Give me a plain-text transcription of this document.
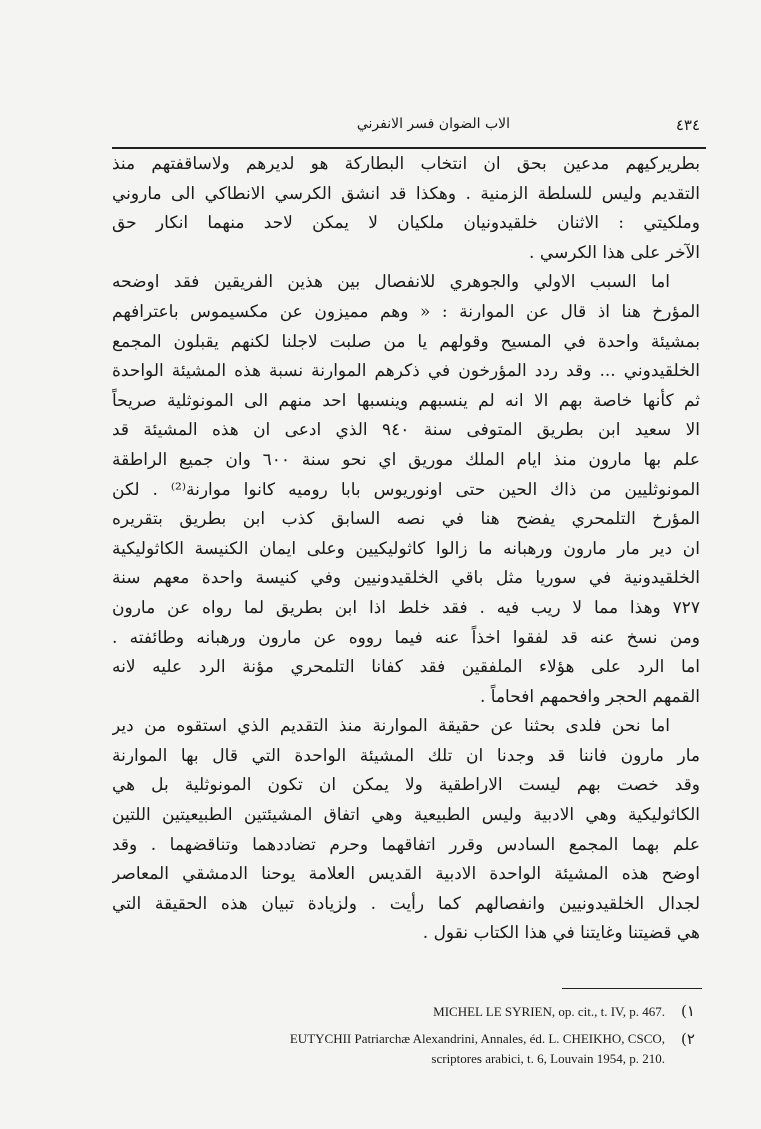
٤٣٤
الاب الضوان فسر الانفرني
بطريركيهم مدعين بحق ان انتخاب البطاركة هو لديرهم ولاساقفتهم منذ
التقديم وليس للسلطة الزمنية . وهكذا قد انشق الكرسي الانطاكي الى ماروني
وملكيتي : الاثنان خلقيدونيان ملكيان لا يمكن لاحد منهما انكار حق
الآخر على هذا الكرسي .
اما السبب الاولي والجوهري للانفصال بين هذين الفريقين فقد اوضحه
المؤرخ هنا اذ قال عن الموارنة : « وهم مميزون عن مكسيموس باعترافهم
بمشيئة واحدة في المسيح وقولهم يا من صلبت لاجلنا لكنهم يقبلون المجمع
الخلقيدوني ... وقد ردد المؤرخون في ذكرهم الموارنة نسبة هذه المشيئة الواحدة
ثم كأنها خاصة بهم الا انه لم ينسبهم وينسبها احد منهم الى المونوثلية صريحاً
الا سعيد ابن بطريق المتوفى سنة ٩٤٠ الذي ادعى ان هذه المشيئة قد
علم بها مارون منذ ايام الملك موريق اي نحو سنة ٦٠٠ وان جميع الراطقة
المونوثليين من ذاك الحين حتى اونوريوس بابا روميه كانوا موارنة⁽²⁾ . لكن
المؤرخ التلمحري يفضح هنا في نصه السابق كذب ابن بطريق بتقريره
ان دير مار مارون ورهبانه ما زالوا كاثوليكيين وعلى ايمان الكنيسة الكاثوليكية
الخلقيدونية في سوريا مثل باقي الخلقيدونيين وفي كنيسة واحدة معهم سنة
٧٢٧ وهذا مما لا ريب فيه . فقد خلط اذا ابن بطريق لما رواه عن مارون
ومن نسخ عنه قد لفقوا اخذاً عنه فيما رووه عن مارون ورهبانه وطائفته .
اما الرد على هؤلاء الملفقين فقد كفانا التلمحري مؤنة الرد عليه لانه
القمهم الحجر وافحمهم افحاماً .
اما نحن فلدى بحثنا عن حقيقة الموارنة منذ التقديم الذي استقوه من دير
مار مارون فاننا قد وجدنا ان تلك المشيئة الواحدة التي قال بها الموارنة
وقد خصت بهم ليست الاراطقية ولا يمكن ان تكون المونوثلية بل هي
الكاثوليكية وهي الادبية وليس الطبيعية وهي اتفاق المشيئتين الطبيعيتين اللتين
علم بهما المجمع السادس وقرر اتفاقهما وحرم تضاددهما وتناقضهما . وقد
اوضح هذه المشيئة الواحدة الادبية القديس العلامة يوحنا الدمشقي المعاصر
لجدال الخلقيدونيين وانفصالهم كما رأيت . ولزيادة تبيان هذه الحقيقة التي
هي قضيتنا وغايتنا في هذا الكتاب نقول .
(١
MICHEL LE SYRIEN, op. cit., t. IV, p. 467.
(٢
EUTYCHII Patriarchæ Alexandrini, Annales, éd. L. CHEIKHO, CSCO,
scriptores arabici, t. 6, Louvain 1954, p. 210.
